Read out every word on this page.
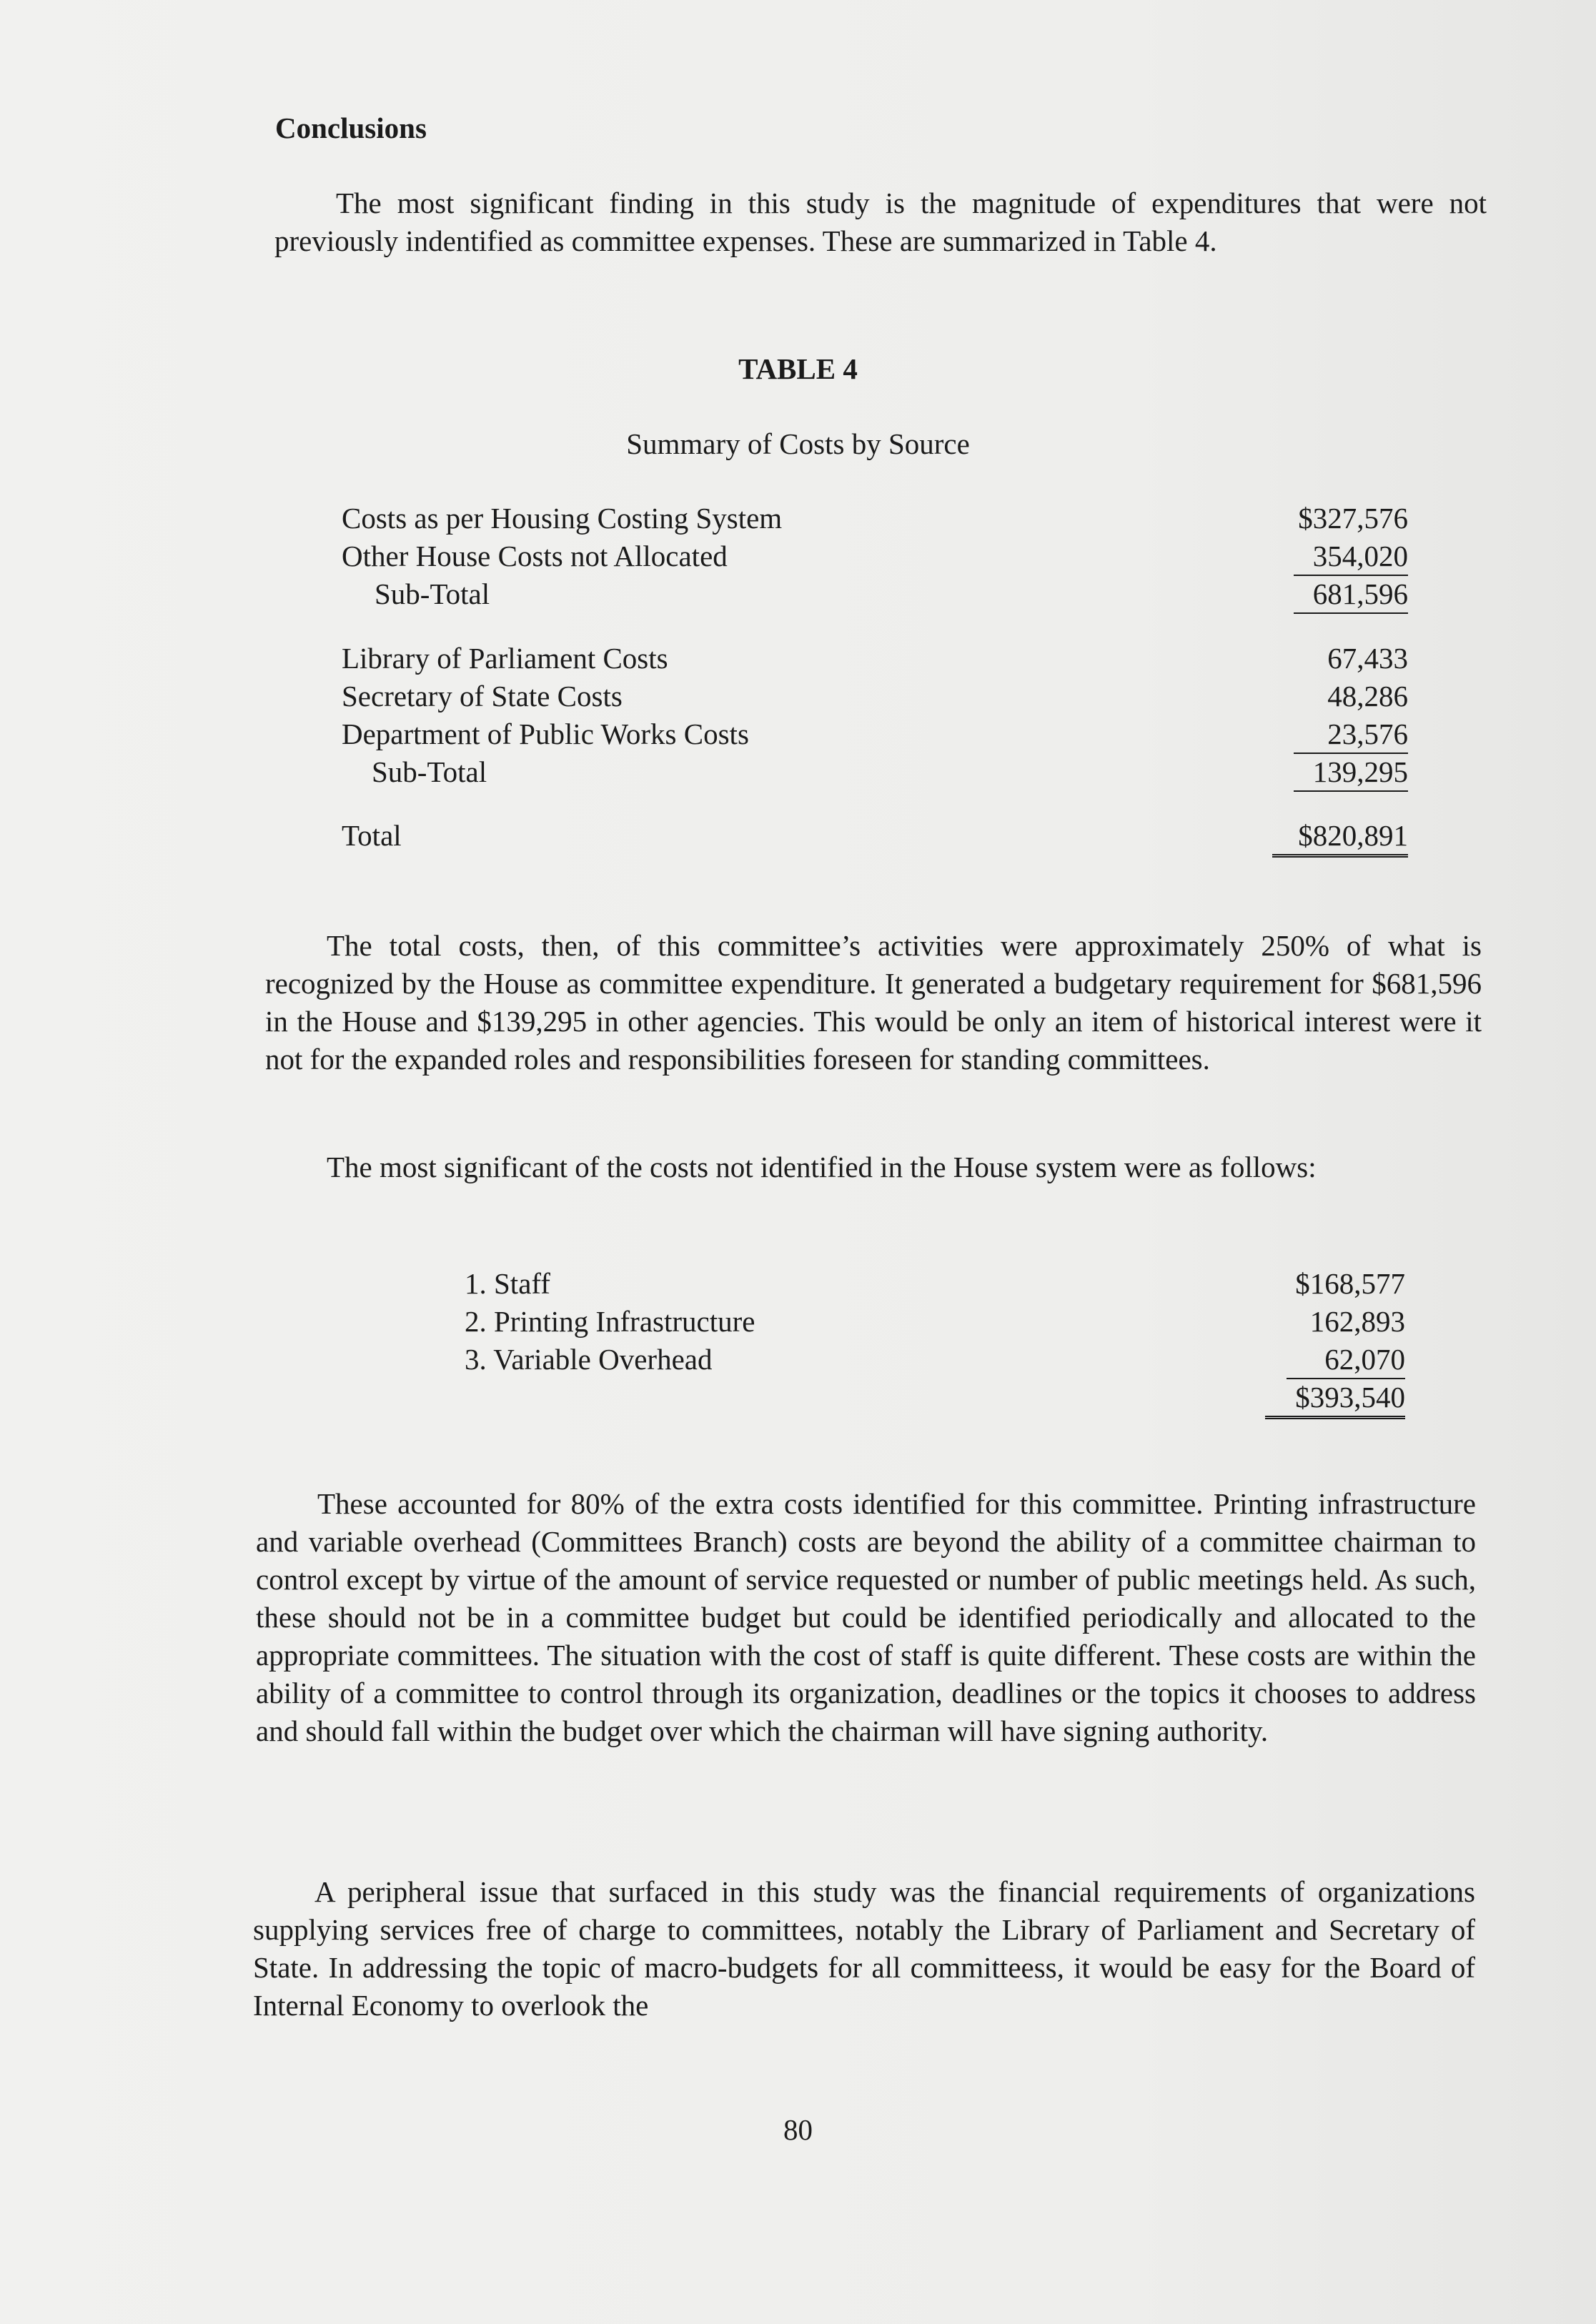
Conclusions

The most significant finding in this study is the magnitude of expenditures that were not previously indentified as committee expenses. These are summarized in Table 4.

TABLE 4
Summary of Costs by Source
Costs as per Housing Costing System	$327,576
Other House Costs not Allocated	354,020
Sub-Total	681,596
Library of Parliament Costs	67,433
Secretary of State Costs	48,286
Department of Public Works Costs	23,576
Sub-Total	139,295
Total	$820,891

The total costs, then, of this committee’s activities were approximately 250% of what is recognized by the House as committee expenditure. It generated a budgetary requirement for $681,596 in the House and $139,295 in other agencies. This would be only an item of historical interest were it not for the expanded roles and responsibilities foreseen for standing committees.

The most significant of the costs not identified in the House system were as follows:

1. Staff	$168,577
2. Printing Infrastructure	162,893
3. Variable Overhead	62,070
$393,540

These accounted for 80% of the extra costs identified for this committee. Printing infrastructure and variable overhead (Committees Branch) costs are beyond the ability of a committee chairman to control except by virtue of the amount of service requested or number of public meetings held. As such, these should not be in a committee budget but could be identified periodically and allocated to the appropriate committees. The situation with the cost of staff is quite different. These costs are within the ability of a committee to control through its organization, deadlines or the topics it chooses to address and should fall within the budget over which the chairman will have signing authority.

A peripheral issue that surfaced in this study was the financial requirements of organizations supplying services free of charge to committees, notably the Library of Parliament and Secretary of State. In addressing the topic of macro-budgets for all committeess, it would be easy for the Board of Internal Economy to overlook the

80
